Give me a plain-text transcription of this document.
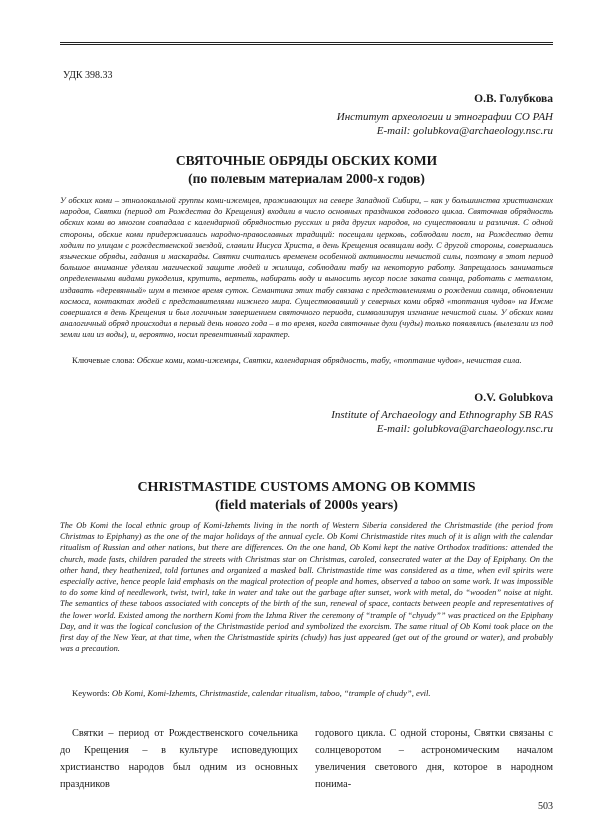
УДК 398.33
О.В. Голубкова
Институт археологии и этнографии СО РАН
E-mail: golubkova@archaeology.nsc.ru
СВЯТОЧНЫЕ ОБРЯДЫ ОБСКИХ КОМИ
(по полевым материалам 2000-х годов)

У обских коми – этнолокальной группы коми-ижемцев, проживающих на севере Западной Сибири, – как у большинства христианских народов, Святки (период от Рождества до Крещения) входили в число основных праздников годового цикла. Святочная обрядность обских коми во многом совпадала с календарной обрядностью русских и ряда других народов, но существовали и различия. С одной стороны, обские коми придерживались народно-православных традиций: посещали церковь, соблюдали пост, на Рождество дети ходили по улицам с рождественской звездой, славили Иисуса Христа, в день Крещения освящали воду. С другой стороны, совершались языческие обряды, гадания и маскарады. Святки считались временем особенной активности нечистой силы, поэтому в этот период большое внимание уделяли магической защите людей и жилища, соблюдали табу на некоторую работу. Запрещалось заниматься определенными видами рукоделия, крутить, вертеть, набирать воду и выносить мусор после заката солнца, работать с металлом, издавать «деревянный» шум в темное время суток. Семантика этих табу связана с представлениями о рождении солнца, обновлении космоса, контактах людей с представителями нижнего мира. Существовавший у северных коми обряд «топтания чудов» на Ижме совершался в день Крещения и был логичным завершением святочного периода, символизируя изгнание нечистой силы. У обских коми аналогичный обряд происходил в первый день нового года – в то время, когда святочные духи (чуды) только появлялись (вылезали из под земли или из воды), и, вероятно, носил превентивный характер.

Ключевые слова: Обские коми, коми-ижемцы, Святки, календарная обрядность, табу, «топтание чудов», нечистая сила.

O.V. Golubkova
Institute of Archaeology and Ethnography SB RAS
E-mail: golubkova@archaeology.nsc.ru
CHRISTMASTIDE CUSTOMS AMONG OB KOMMIS
(field materials of 2000s years)

The Ob Komi the local ethnic group of Komi-Izhemts living in the north of Western Siberia considered the Christmastide (the period from Christmas to Epiphany) as the one of the major holidays of the annual cycle. Ob Komi Christmastide rites much of it is align with the calendar ritualism of Russian and other nations, but there are differences. On the one hand, Ob Komi kept the native Orthodox traditions: attended the church, made fasts, children paraded the streets with Christmas star on Christmas, caroled, consecrated water at the Day of Epiphany. On the other hand, they heathenized, told fortunes and organized a masked ball. Christmastide time was considered as a time, when evil spirits were especially active, hence people laid emphasis on the magical protection of people and homes, observed a taboo on some work. It was impossible to do some kind of needlework, twist, twirl, take in water and take out the garbage after sunset, work with metal, do “wooden” noise at night. The semantics of these taboos associated with concepts of the birth of the sun, renewal of space, contacts between people and representatives of the lower world. Existed among the northern Komi from the Izhma River the ceremony of “trample of “chyudy”” was practiced on the Epiphany Day, and it was the logical conclusion of the Christmastide period and symbolized the exorcism. The same ritual of Ob Komi took place on the first day of the New Year, at that time, when the Christmastide spirits (chudy) has just appeared (get out of the ground or water), and probably was a precaution.

Keywords: Ob Komi, Komi-Izhemts, Christmastide, calendar ritualism, taboo, “trample of chudy”, evil.

Святки – период от Рождественского сочельника до Крещения – в культуре исповедующих христианство народов был одним из основных праздников

годового цикла. С одной стороны, Святки связаны с солнцеворотом – астрономическим началом увеличения светового дня, которое в народном понима-

503
